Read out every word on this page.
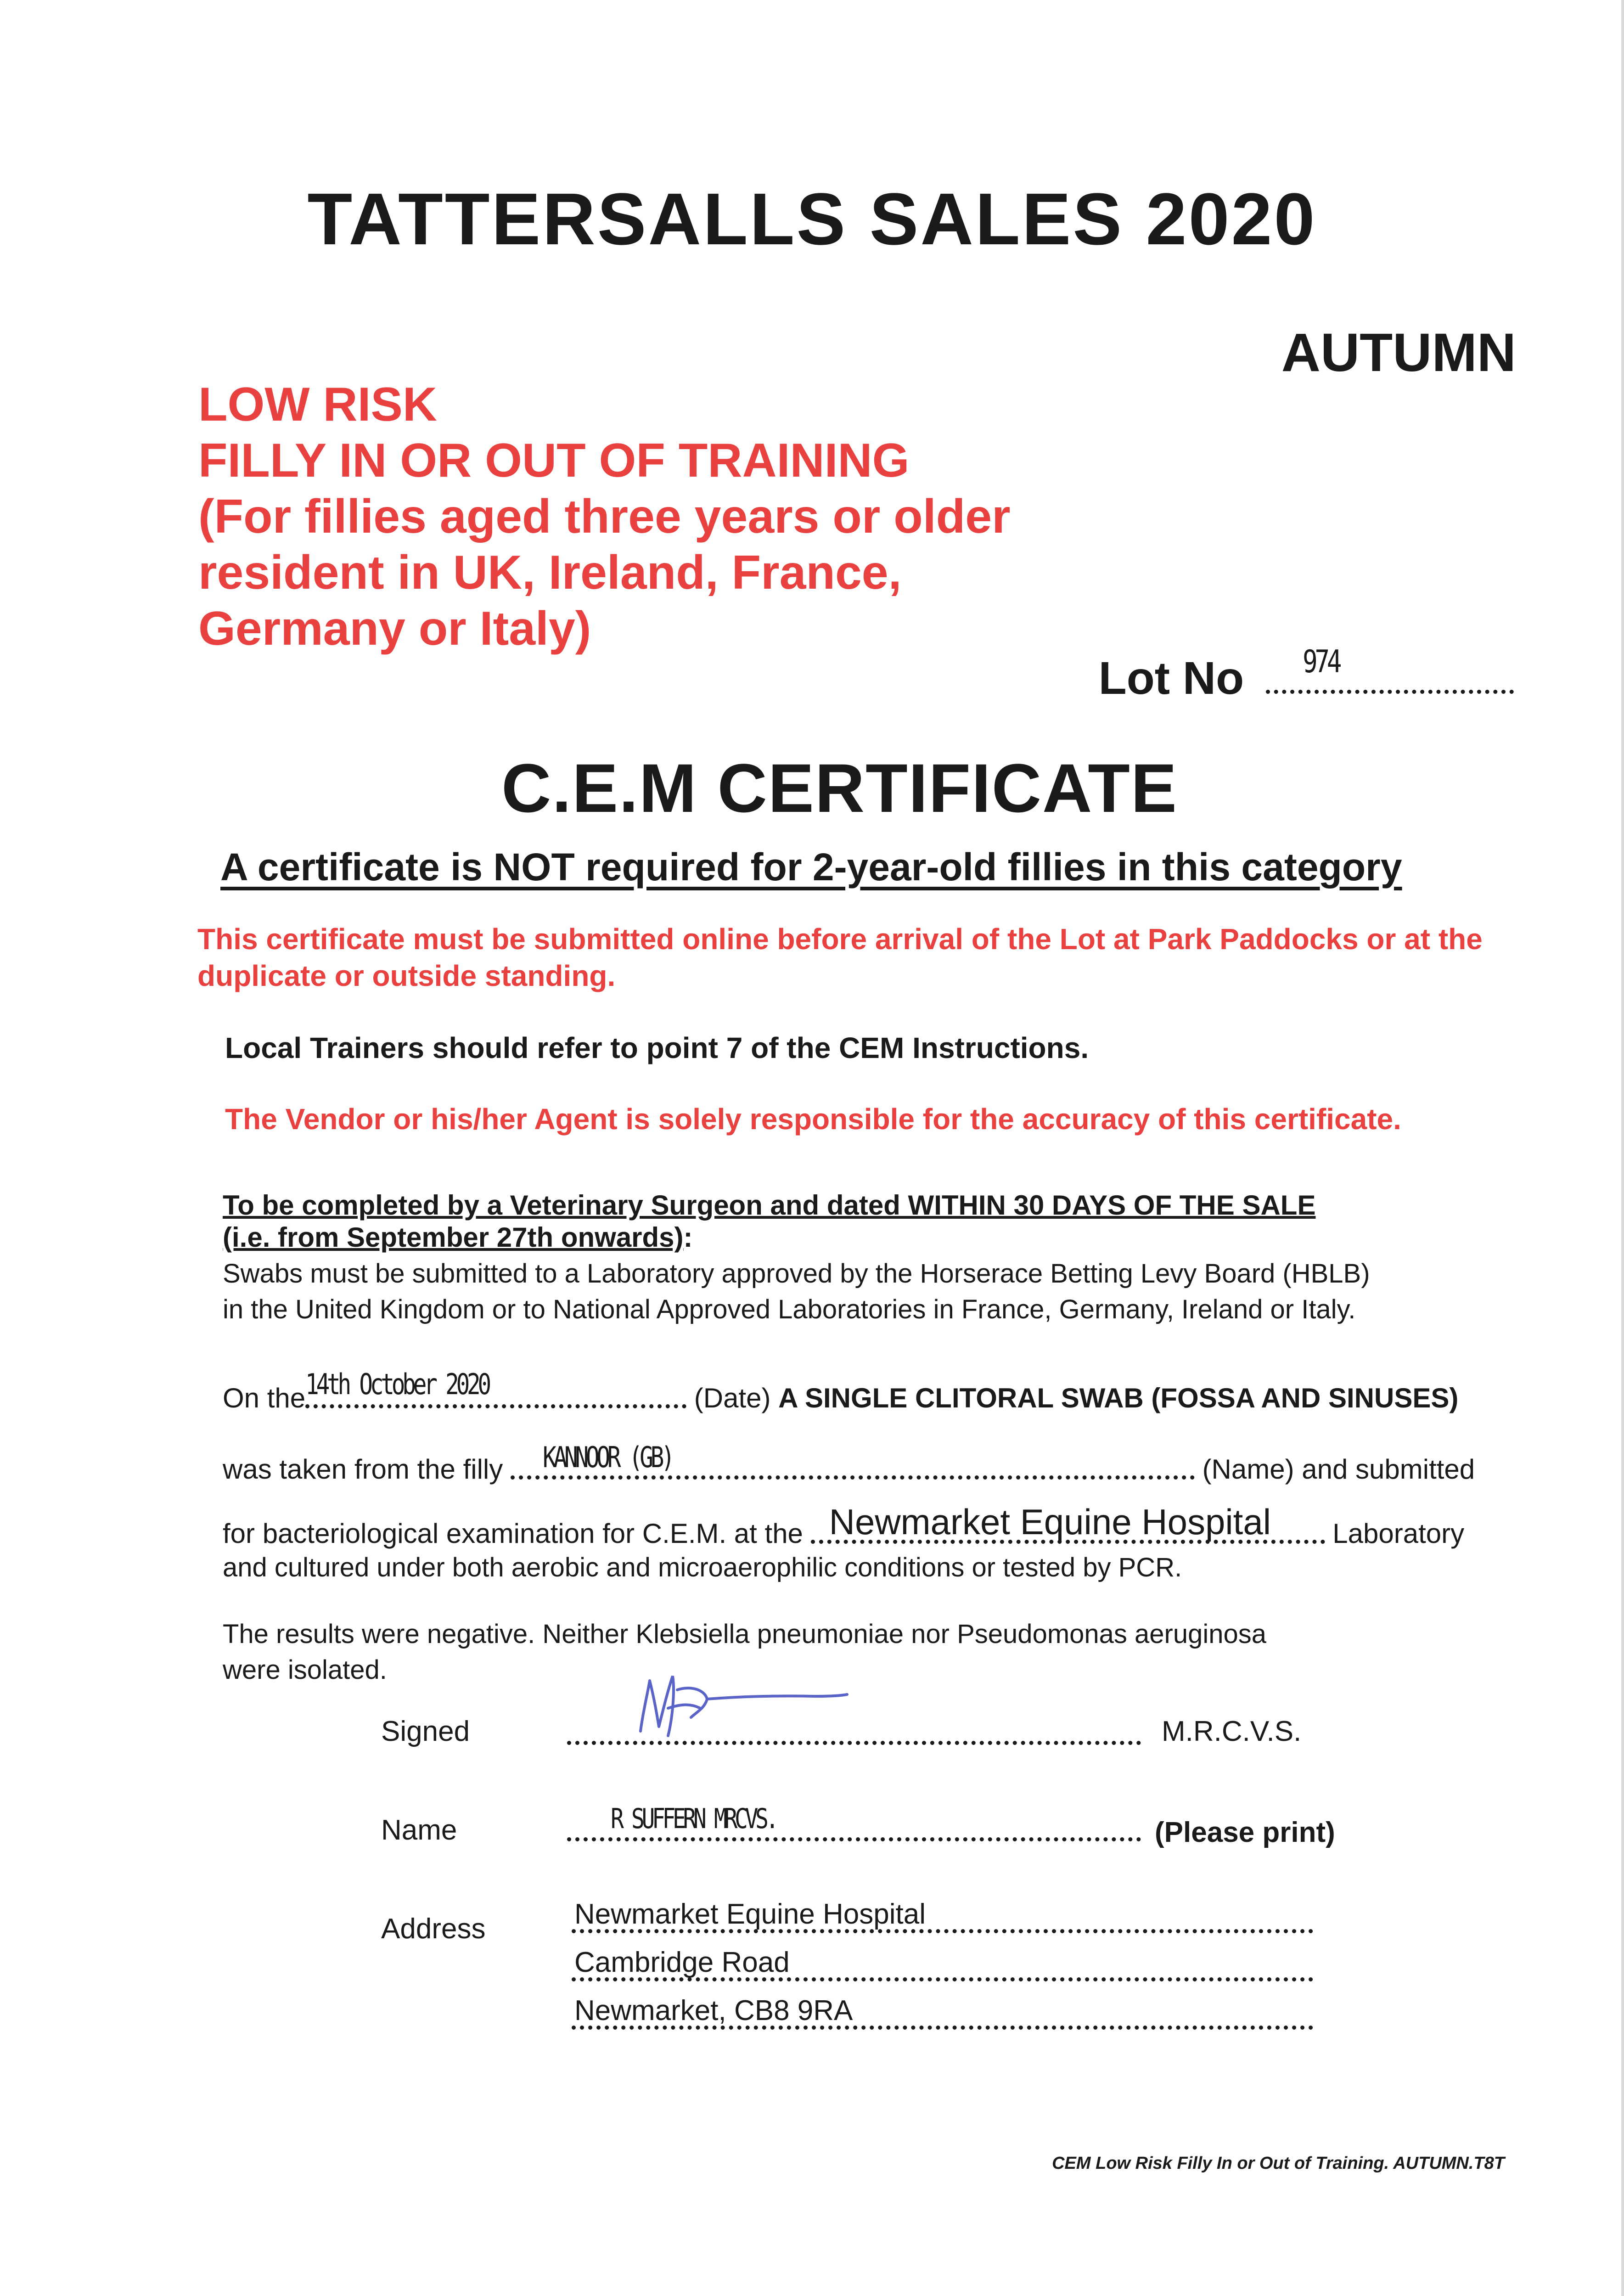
TATTERSALLS SALES 2020
AUTUMN
LOW RISK
FILLY IN OR OUT OF TRAINING
(For fillies aged three years or older
resident in UK, Ireland, France,
Germany or Italy)
Lot No 974
C.E.M CERTIFICATE
A certificate is NOT required for 2-year-old fillies in this category
This certificate must be submitted online before arrival of the Lot at Park Paddocks or at the duplicate or outside standing.
Local Trainers should refer to point 7 of the CEM Instructions.
The Vendor or his/her Agent is solely responsible for the accuracy of this certificate.
To be completed by a Veterinary Surgeon and dated WITHIN 30 DAYS OF THE SALE
(i.e. from September 27th onwards):
Swabs must be submitted to a Laboratory approved by the Horserace Betting Levy Board (HBLB)
in the United Kingdom or to National Approved Laboratories in France, Germany, Ireland or Italy.
On the 14th October 2020	(Date) A SINGLE CLITORAL SWAB (FOSSA AND SINUSES)
was taken from the filly KANNOOR (GB)	(Name) and submitted
for bacteriological examination for C.E.M. at the Newmarket Equine Hospital Laboratory
and cultured under both aerobic and microaerophilic conditions or tested by PCR.
The results were negative. Neither Klebsiella pneumoniae nor Pseudomonas aeruginosa
were isolated.
Signed	M.R.C.V.S.
Name	R SUFFERN MRCVS.	(Please print)
Address	Newmarket Equine Hospital
Cambridge Road
Newmarket, CB8 9RA
CEM Low Risk Filly In or Out of Training. AUTUMN.T8T
